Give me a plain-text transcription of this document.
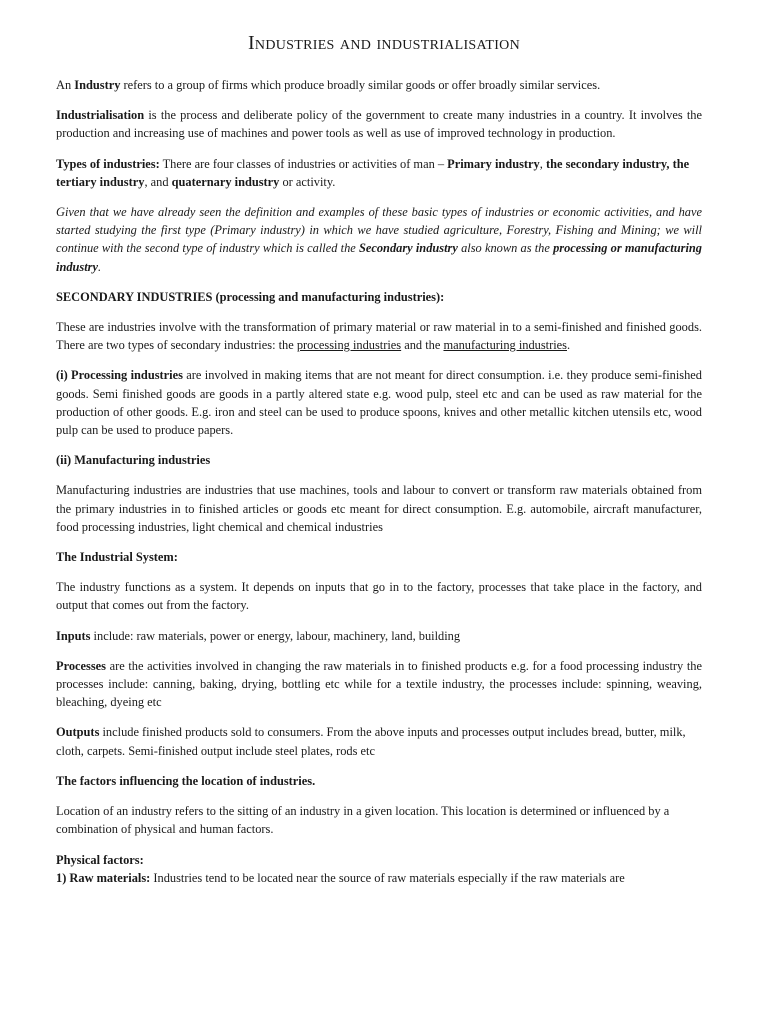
Industries and industrialisation

An Industry refers to a group of firms which produce broadly similar goods or offer broadly similar services.

Industrialisation is the process and deliberate policy of the government to create many industries in a country. It involves the production and increasing use of machines and power tools as well as use of improved technology in production.

Types of industries: There are four classes of industries or activities of man – Primary industry, the secondary industry, the tertiary industry, and quaternary industry or activity.

Given that we have already seen the definition and examples of these basic types of industries or economic activities, and have started studying the first type (Primary industry) in which we have studied agriculture, Forestry, Fishing and Mining; we will continue with the second type of industry which is called the Secondary industry also known as the processing or manufacturing industry.

SECONDARY INDUSTRIES (processing and manufacturing industries):

These are industries involve with the transformation of primary material or raw material in to a semi-finished and finished goods. There are two types of secondary industries: the processing industries and the manufacturing industries.

(i) Processing industries are involved in making items that are not meant for direct consumption. i.e. they produce semi-finished goods. Semi finished goods are goods in a partly altered state e.g. wood pulp, steel etc and can be used as raw material for the production of other goods. E.g. iron and steel can be used to produce spoons, knives and other metallic kitchen utensils etc, wood pulp can be used to produce papers.

(ii) Manufacturing industries

Manufacturing industries are industries that use machines, tools and labour to convert or transform raw materials obtained from the primary industries in to finished articles or goods etc meant for direct consumption. E.g. automobile, aircraft manufacturer, food processing industries, light chemical and chemical industries

The Industrial System:

The industry functions as a system. It depends on inputs that go in to the factory, processes that take place in the factory, and output that comes out from the factory.

Inputs include: raw materials, power or energy, labour, machinery, land, building

Processes are the activities involved in changing the raw materials in to finished products e.g. for a food processing industry the processes include: canning, baking, drying, bottling etc while for a textile industry, the processes include: spinning, weaving, bleaching, dyeing etc

Outputs include finished products sold to consumers. From the above inputs and processes output includes bread, butter, milk, cloth, carpets. Semi-finished output include steel plates, rods etc

The factors influencing the location of industries.

Location of an industry refers to the sitting of an industry in a given location. This location is determined or influenced by a combination of physical and human factors.

Physical factors:

1) Raw materials: Industries tend to be located near the source of raw materials especially if the raw materials are
